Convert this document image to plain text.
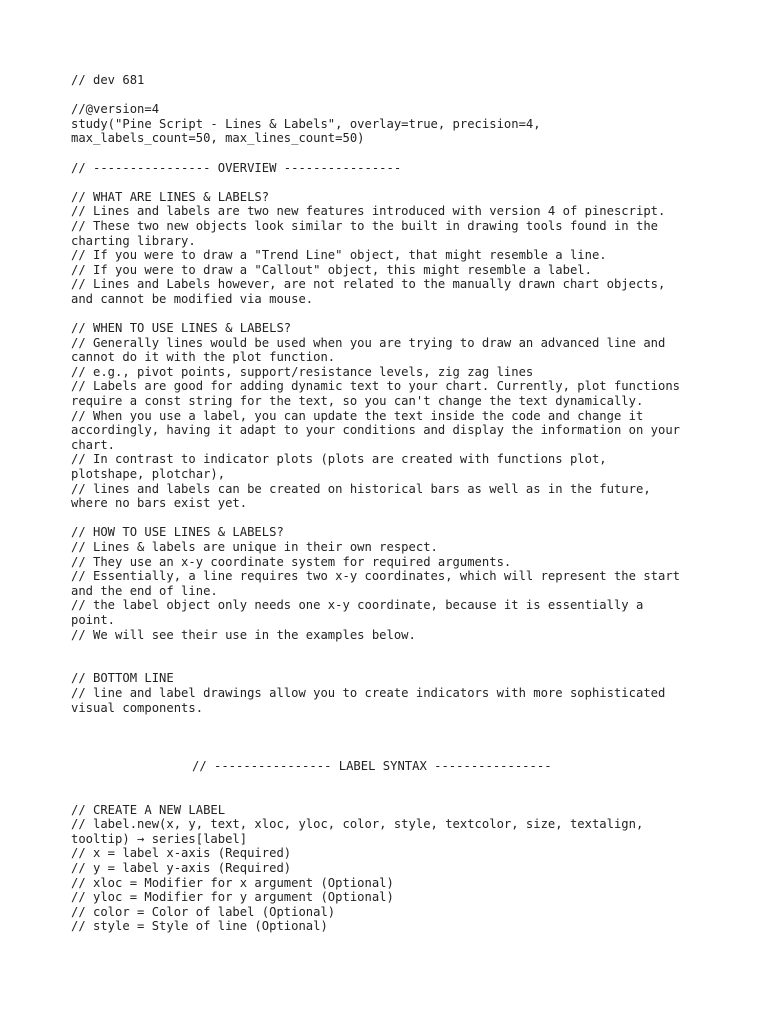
// dev 681
//@version=4
study("Pine Script - Lines & Labels", overlay=true, precision=4,
max_labels_count=50, max_lines_count=50)
// ---------------- OVERVIEW ----------------
// WHAT ARE LINES & LABELS?
// Lines and labels are two new features introduced with version 4 of pinescript.
// These two new objects look similar to the built in drawing tools found in the
charting library.
// If you were to draw a "Trend Line" object, that might resemble a line.
// If you were to draw a "Callout" object, this might resemble a label.
// Lines and Labels however, are not related to the manually drawn chart objects,
and cannot be modified via mouse.
// WHEN TO USE LINES & LABELS?
// Generally lines would be used when you are trying to draw an advanced line and
cannot do it with the plot function.
// e.g., pivot points, support/resistance levels, zig zag lines
// Labels are good for adding dynamic text to your chart. Currently, plot functions
require a const string for the text, so you can't change the text dynamically.
// When you use a label, you can update the text inside the code and change it
accordingly, having it adapt to your conditions and display the information on your
chart.
// In contrast to indicator plots (plots are created with functions plot,
plotshape, plotchar),
// lines and labels can be created on historical bars as well as in the future,
where no bars exist yet.
// HOW TO USE LINES & LABELS?
// Lines & labels are unique in their own respect.
// They use an x-y coordinate system for required arguments.
// Essentially, a line requires two x-y coordinates, which will represent the start
and the end of line.
// the label object only needs one x-y coordinate, because it is essentially a
point.
// We will see their use in the examples below.
// BOTTOM LINE
// line and label drawings allow you to create indicators with more sophisticated
visual components.
// ---------------- LABEL SYNTAX ----------------
// CREATE A NEW LABEL
// label.new(x, y, text, xloc, yloc, color, style, textcolor, size, textalign,
tooltip) → series[label]
// x = label x-axis (Required)
// y = label y-axis (Required)
// xloc = Modifier for x argument (Optional)
// yloc = Modifier for y argument (Optional)
// color = Color of label (Optional)
// style = Style of line (Optional)
